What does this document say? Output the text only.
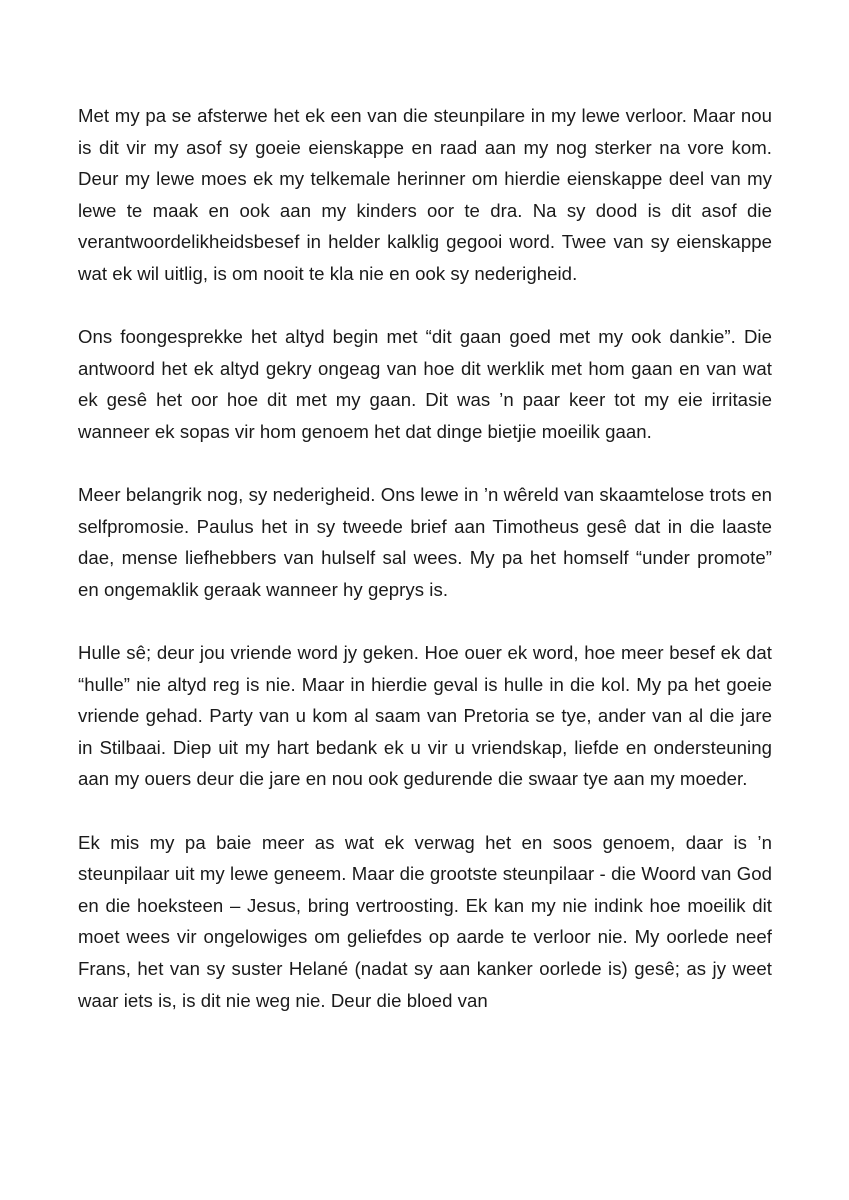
Met my pa se afsterwe het ek een van die steunpilare in my lewe verloor. Maar nou is dit vir my asof sy goeie eienskappe en raad aan my nog sterker na vore kom. Deur my lewe moes ek my telkemale herinner om hierdie eienskappe deel van my lewe te maak en ook aan my kinders oor te dra. Na sy dood is dit asof die verantwoordelikheidsbesef in helder kalklig gegooi word. Twee van sy eienskappe wat ek wil uitlig, is om nooit te kla nie en ook sy nederigheid.

Ons foongesprekke het altyd begin met “dit gaan goed met my ook dankie”. Die antwoord het ek altyd gekry ongeag van hoe dit werklik met hom gaan en van wat ek gesê het oor hoe dit met my gaan. Dit was ’n paar keer tot my eie irritasie wanneer ek sopas vir hom genoem het dat dinge bietjie moeilik gaan.

Meer belangrik nog, sy nederigheid. Ons lewe in ’n wêreld van skaamtelose trots en selfpromosie. Paulus het in sy tweede brief aan Timotheus gesê dat in die laaste dae, mense liefhebbers van hulself sal wees. My pa het homself “under promote” en ongemaklik geraak wanneer hy geprys is.

Hulle sê; deur jou vriende word jy geken. Hoe ouer ek word, hoe meer besef ek dat “hulle” nie altyd reg is nie. Maar in hierdie geval is hulle in die kol. My pa het goeie vriende gehad. Party van u kom al saam van Pretoria se tye, ander van al die jare in Stilbaai. Diep uit my hart bedank ek u vir u vriendskap, liefde en ondersteuning aan my ouers deur die jare en nou ook gedurende die swaar tye aan my moeder.

Ek mis my pa baie meer as wat ek verwag het en soos genoem, daar is ’n steunpilaar uit my lewe geneem. Maar die grootste steunpilaar - die Woord van God en die hoeksteen – Jesus, bring vertroosting. Ek kan my nie indink hoe moeilik dit moet wees vir ongelowiges om geliefdes op aarde te verloor nie. My oorlede neef Frans, het van sy suster Helané (nadat sy aan kanker oorlede is) gesê; as jy weet waar iets is, is dit nie weg nie. Deur die bloed van
